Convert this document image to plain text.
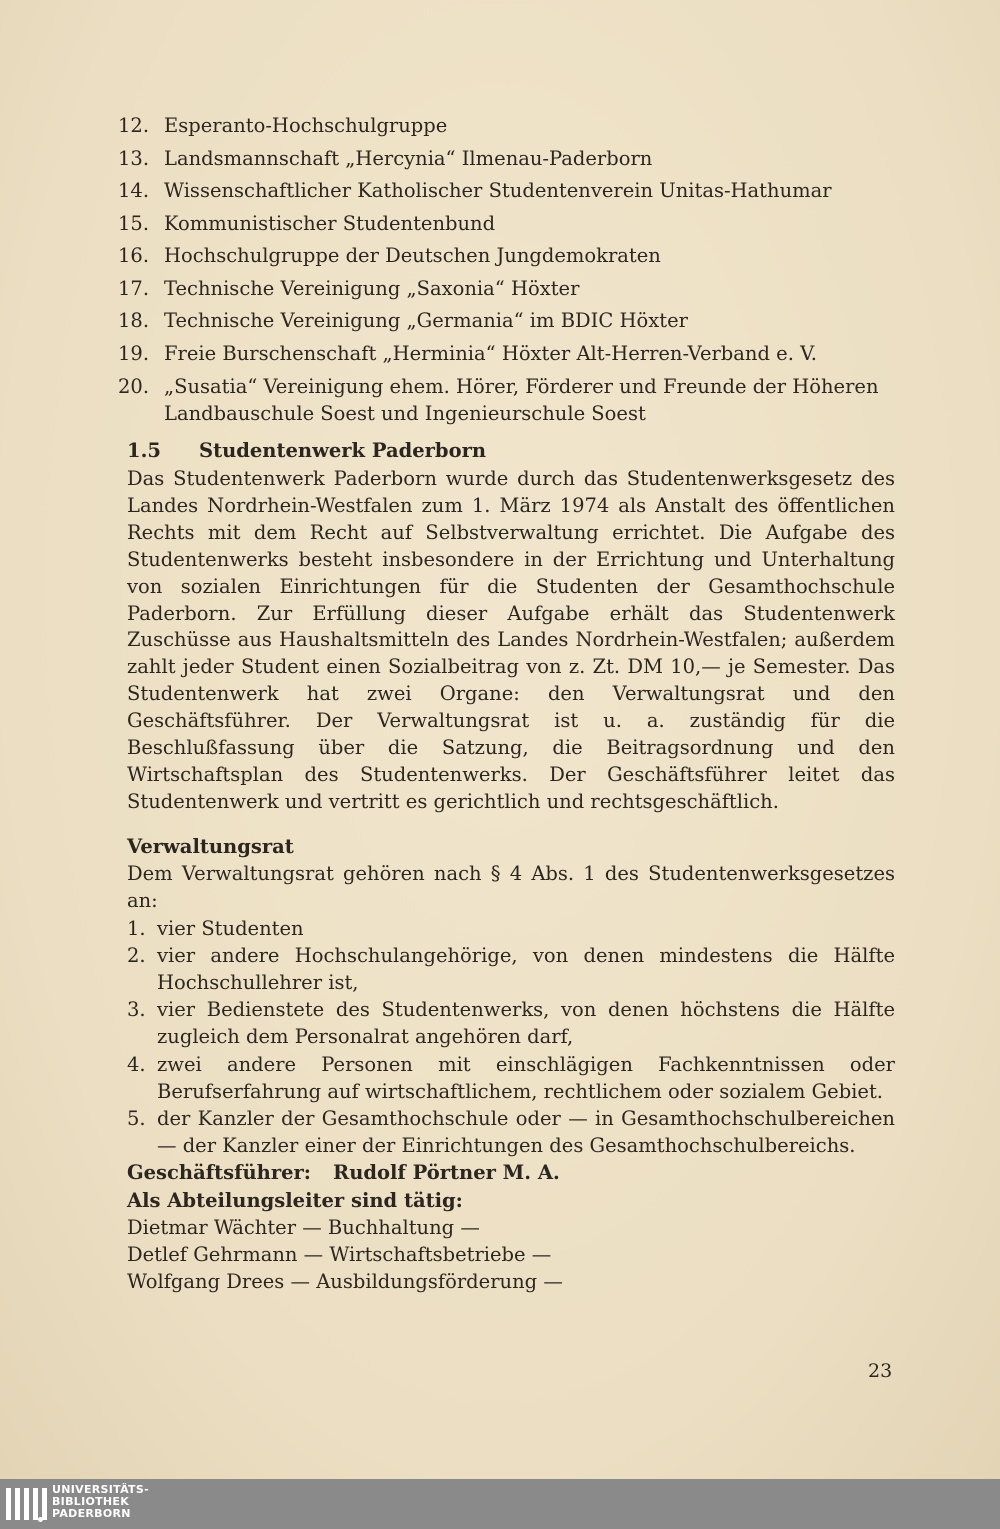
12. Esperanto-Hochschulgruppe
13. Landsmannschaft „Hercynia“ Ilmenau-Paderborn
14. Wissenschaftlicher Katholischer Studentenverein Unitas-Hathumar
15. Kommunistischer Studentenbund
16. Hochschulgruppe der Deutschen Jungdemokraten
17. Technische Vereinigung „Saxonia“ Höxter
18. Technische Vereinigung „Germania“ im BDIC Höxter
19. Freie Burschenschaft „Herminia“ Höxter Alt-Herren-Verband e. V.
20. „Susatia“ Vereinigung ehem. Hörer, Förderer und Freunde der Höheren Landbauschule Soest und Ingenieurschule Soest
1.5 Studentenwerk Paderborn
Das Studentenwerk Paderborn wurde durch das Studentenwerksgesetz des Landes Nordrhein-Westfalen zum 1. März 1974 als Anstalt des öffentlichen Rechts mit dem Recht auf Selbstverwaltung errichtet. Die Aufgabe des Studentenwerks besteht insbesondere in der Errichtung und Unterhaltung von sozialen Einrichtungen für die Studenten der Gesamthochschule Paderborn. Zur Erfüllung dieser Aufgabe erhält das Studentenwerk Zuschüsse aus Haushaltsmitteln des Landes Nordrhein-Westfalen; außerdem zahlt jeder Student einen Sozialbeitrag von z. Zt. DM 10,— je Semester. Das Studentenwerk hat zwei Organe: den Verwaltungsrat und den Geschäftsführer. Der Verwaltungsrat ist u. a. zuständig für die Beschlußfassung über die Satzung, die Beitragsordnung und den Wirtschaftsplan des Studentenwerks. Der Geschäftsführer leitet das Studentenwerk und vertritt es gerichtlich und rechtsgeschäftlich.
Verwaltungsrat
Dem Verwaltungsrat gehören nach § 4 Abs. 1 des Studentenwerksgesetzes an:
1. vier Studenten
2. vier andere Hochschulangehörige, von denen mindestens die Hälfte Hochschullehrer ist,
3. vier Bedienstete des Studentenwerks, von denen höchstens die Hälfte zugleich dem Personalrat angehören darf,
4. zwei andere Personen mit einschlägigen Fachkenntnissen oder Berufserfahrung auf wirtschaftlichem, rechtlichem oder sozialem Gebiet.
5. der Kanzler der Gesamthochschule oder — in Gesamthochschulbereichen — der Kanzler einer der Einrichtungen des Gesamthochschulbereichs.
Geschäftsführer: Rudolf Pörtner M. A.
Als Abteilungsleiter sind tätig:
Dietmar Wächter — Buchhaltung —
Detlef Gehrmann — Wirtschaftsbetriebe —
Wolfgang Drees — Ausbildungsförderung —
23
UNIVERSITÄTS-
BIBLIOTHEK
PADERBORN
